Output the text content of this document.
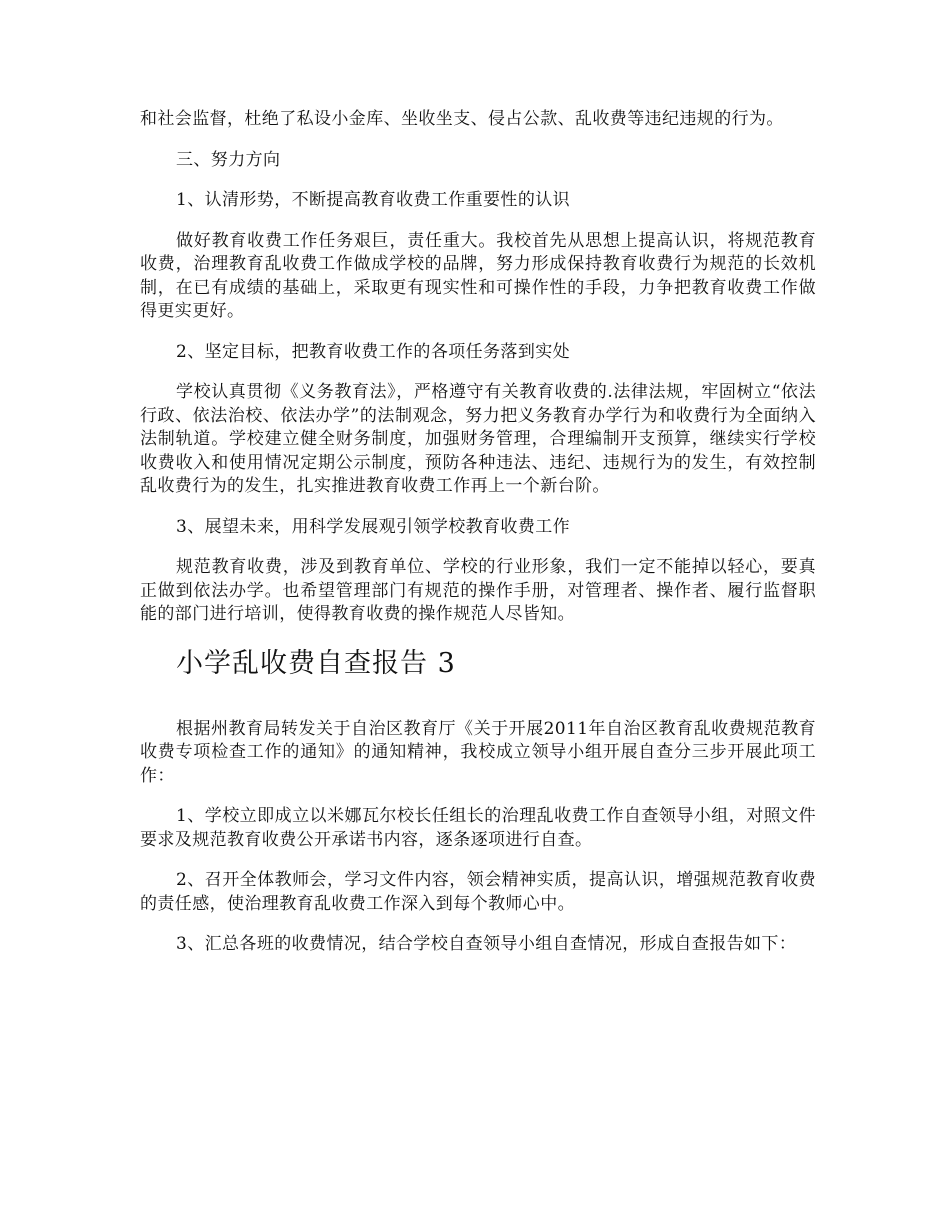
和社会监督，杜绝了私设小金库、坐收坐支、侵占公款、乱收费等违纪违规的行为。

三、努力方向

1、认清形势，不断提高教育收费工作重要性的认识

做好教育收费工作任务艰巨，责任重大。我校首先从思想上提高认识，将规范教育收费，治理教育乱收费工作做成学校的品牌，努力形成保持教育收费行为规范的长效机制，在已有成绩的基础上，采取更有现实性和可操作性的手段，力争把教育收费工作做得更实更好。

2、坚定目标，把教育收费工作的各项任务落到实处

学校认真贯彻《义务教育法》，严格遵守有关教育收费的.法律法规，牢固树立“依法行政、依法治校、依法办学”的法制观念，努力把义务教育办学行为和收费行为全面纳入法制轨道。学校建立健全财务制度，加强财务管理，合理编制开支预算，继续实行学校收费收入和使用情况定期公示制度，预防各种违法、违纪、违规行为的发生，有效控制乱收费行为的发生，扎实推进教育收费工作再上一个新台阶。

3、展望未来，用科学发展观引领学校教育收费工作

规范教育收费，涉及到教育单位、学校的行业形象，我们一定不能掉以轻心，要真正做到依法办学。也希望管理部门有规范的操作手册，对管理者、操作者、履行监督职能的部门进行培训，使得教育收费的操作规范人尽皆知。

小学乱收费自查报告 3

根据州教育局转发关于自治区教育厅《关于开展2011年自治区教育乱收费规范教育收费专项检查工作的通知》的通知精神，我校成立领导小组开展自查分三步开展此项工作：

1、学校立即成立以米娜瓦尔校长任组长的治理乱收费工作自查领导小组，对照文件要求及规范教育收费公开承诺书内容，逐条逐项进行自查。

2、召开全体教师会，学习文件内容，领会精神实质，提高认识，增强规范教育收费的责任感，使治理教育乱收费工作深入到每个教师心中。

3、汇总各班的收费情况，结合学校自查领导小组自查情况，形成自查报告如下：
